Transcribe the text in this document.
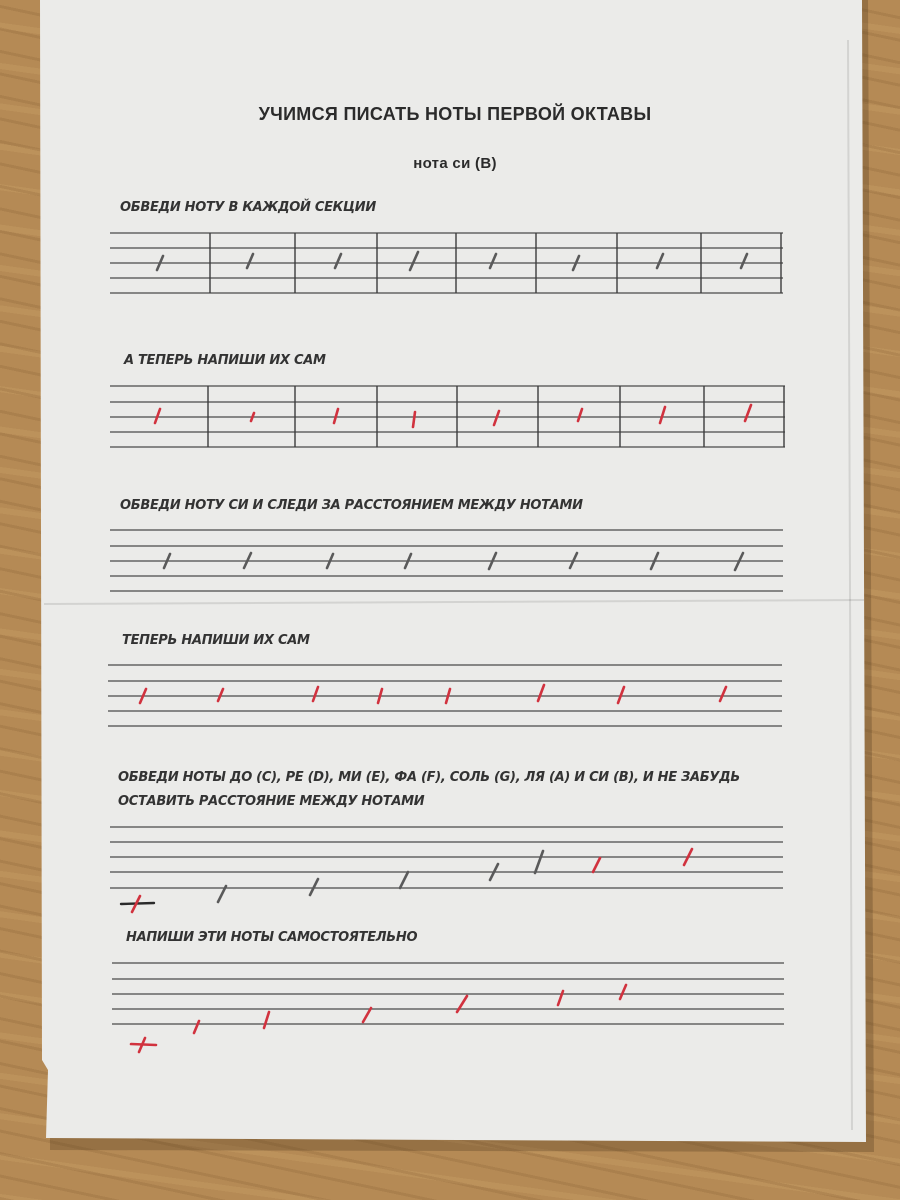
УЧИМСЯ ПИСАТЬ НОТЫ ПЕРВОЙ ОКТАВЫ
нота си (В)
ОБВЕДИ НОТУ В КАЖДОЙ СЕКЦИИ
А ТЕПЕРЬ НАПИШИ ИХ САМ
ОБВЕДИ НОТУ СИ И СЛЕДИ ЗА РАССТОЯНИЕМ МЕЖДУ НОТАМИ
ТЕПЕРЬ НАПИШИ ИХ САМ
ОБВЕДИ НОТЫ ДО (С), РЕ (D), МИ (E), ФА (F), СОЛЬ (G), ЛЯ (A) И СИ (B), И НЕ ЗАБУДЬ
ОСТАВИТЬ РАССТОЯНИЕ МЕЖДУ НОТАМИ
НАПИШИ ЭТИ НОТЫ САМОСТОЯТЕЛЬНО
